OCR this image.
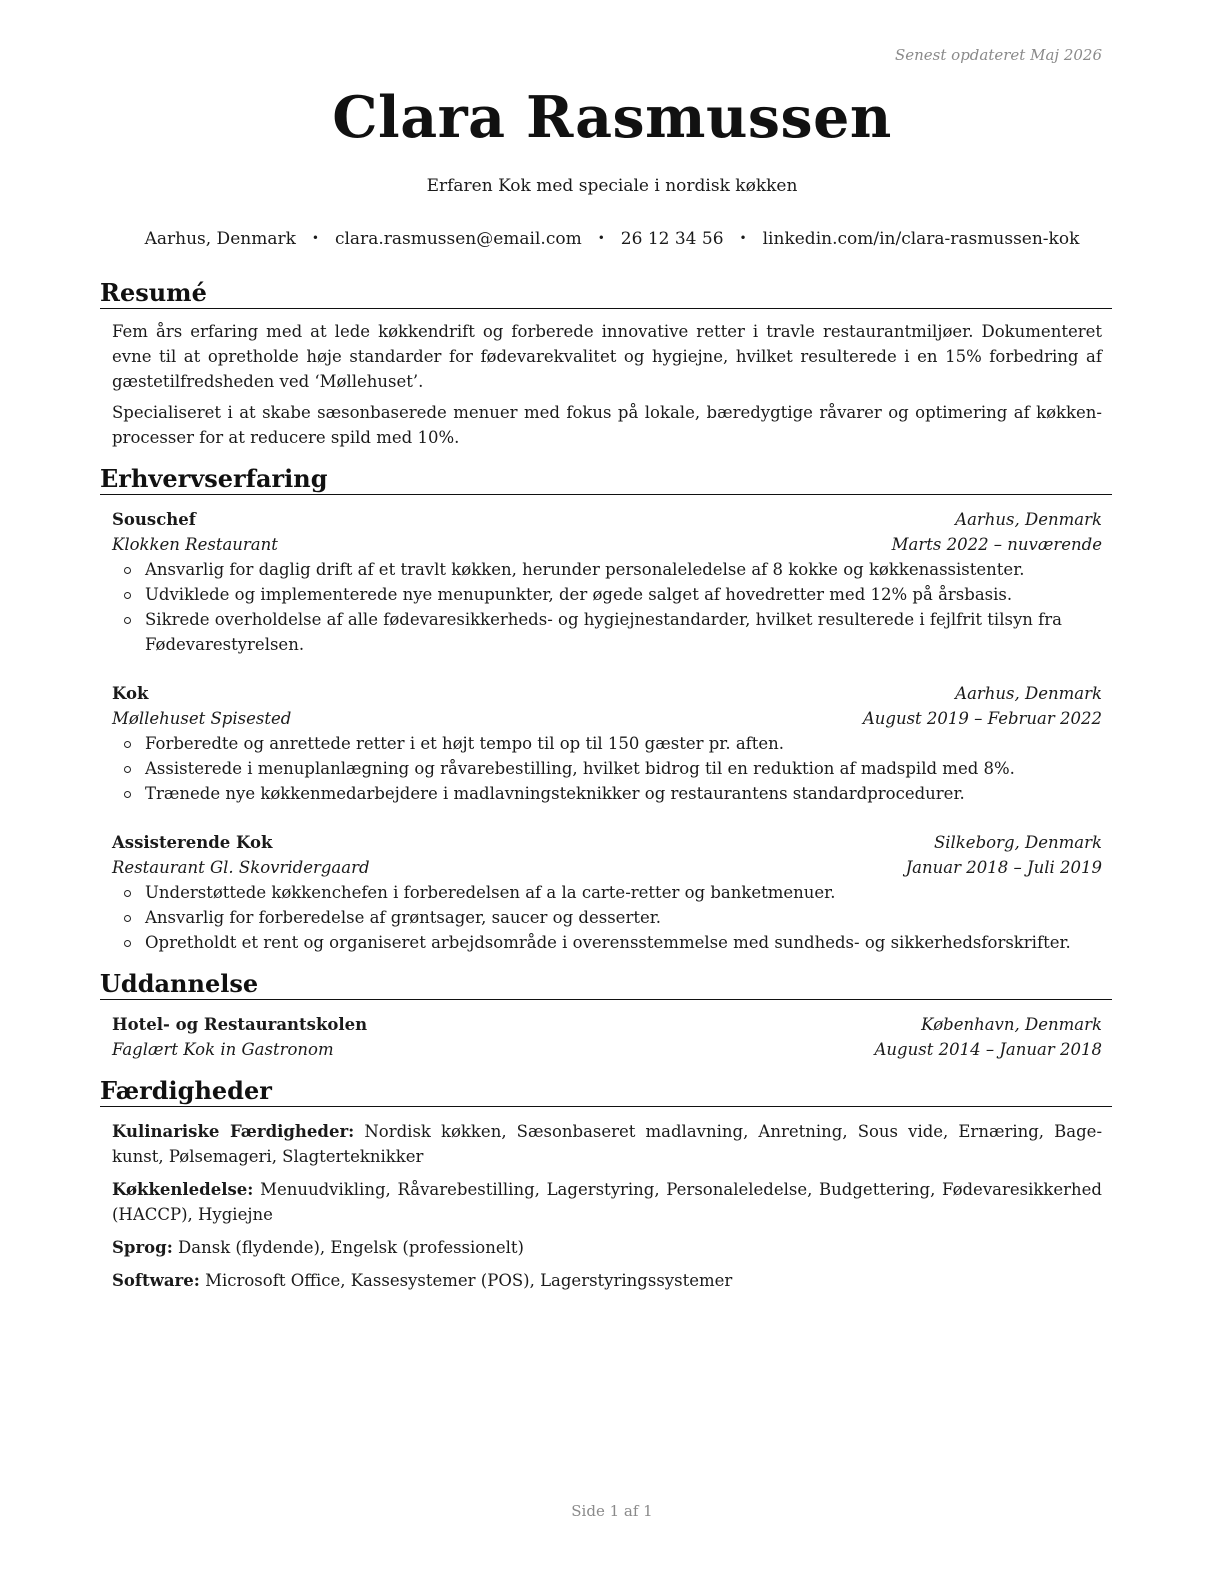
Senest opdateret Maj 2026
Clara Rasmussen
Erfaren Kok med speciale i nordisk køkken
Aarhus, Denmark • clara.rasmussen@email.com • 26 12 34 56 • linkedin.com/in/clara-rasmussen-kok
Resumé

Fem års erfaring med at lede køkkendrift og forberede innovative retter i travle restaurantmiljøer. Dokumenteret evne til at opretholde høje standarder for fødevarekvalitet og hygiejne, hvilket resulterede i en 15% forbedring af gæstetilfredsheden ved ‘Møllehuset’.

Specialiseret i at skabe sæsonbaserede menuer med fokus på lokale, bæredygtige råvarer og optimering af køkken-processer for at reducere spild med 10%.

Erhvervserfaring
Souschef	Aarhus, Denmark
Klokken Restaurant	Marts 2022 – nuværende
Ansvarlig for daglig drift af et travlt køkken, herunder personaleledelse af 8 kokke og køkkenassistenter.
Udviklede og implementerede nye menupunkter, der øgede salget af hovedretter med 12% på årsbasis.
Sikrede overholdelse af alle fødevaresikkerheds- og hygiejnestandarder, hvilket resulterede i fejlfrit tilsyn fra Fødevarestyrelsen.
Kok	Aarhus, Denmark
Møllehuset Spisested	August 2019 – Februar 2022
Forberedte og anrettede retter i et højt tempo til op til 150 gæster pr. aften.
Assisterede i menuplanlægning og råvarebestilling, hvilket bidrog til en reduktion af madspild med 8%.
Trænede nye køkkenmedarbejdere i madlavningsteknikker og restaurantens standardprocedurer.
Assisterende Kok	Silkeborg, Denmark
Restaurant Gl. Skovridergaard	Januar 2018 – Juli 2019
Understøttede køkkenchefen i forberedelsen af a la carte-retter og banketmenuer.
Ansvarlig for forberedelse af grøntsager, saucer og desserter.
Opretholdt et rent og organiseret arbejdsområde i overensstemmelse med sundheds- og sikkerhedsforskrifter.
Uddannelse
Hotel- og Restaurantskolen	København, Denmark
Faglært Kok in Gastronom	August 2014 – Januar 2018
Færdigheder
Kulinariske Færdigheder: Nordisk køkken, Sæsonbaseret madlavning, Anretning, Sous vide, Ernæring, Bage-kunst, Pølsemageri, Slagterteknikker
Køkkenledelse: Menuudvikling, Råvarebestilling, Lagerstyring, Personaleledelse, Budgettering, Fødevaresikkerhed (HACCP), Hygiejne
Sprog: Dansk (flydende), Engelsk (professionelt)
Software: Microsoft Office, Kassesystemer (POS), Lagerstyringssystemer
Side 1 af 1
